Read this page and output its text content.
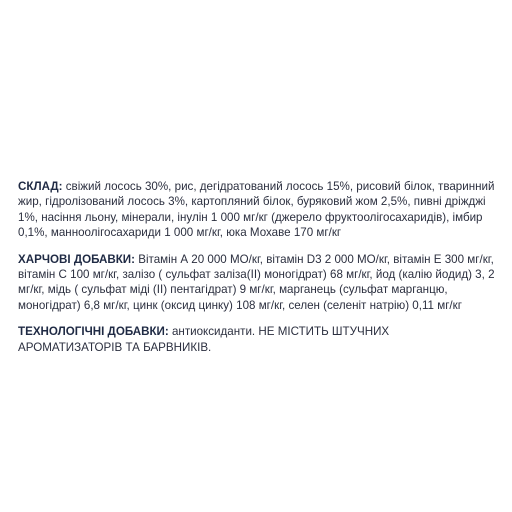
СКЛАД: свіжий лосось 30%, рис, дегідратований лосось 15%, рисовий білок, тваринний жир, гідролізований лосось 3%, картопляний білок, буряковий жом 2,5%, пивні дріжджі 1%, насіння льону, мінерали, інулін 1 000 мг/кг (джерело фруктоолігосахаридів), імбир 0,1%, манноолігосахариди 1 000 мг/кг, юка Мохаве 170 мг/кг

ХАРЧОВІ ДОБАВКИ: Вітамін А 20 000 МО/кг, вітамін D3 2 000 МО/кг, вітамін Е 300 мг/кг, вітамін С 100 мг/кг, залізо ( сульфат заліза(II) моногідрат) 68 мг/кг, йод (калію йодид) 3, 2 мг/кг, мідь ( сульфат міді (II) пентагідрат) 9 мг/кг, марганець (сульфат марганцю, моногідрат) 6,8 мг/кг, цинк (оксид цинку) 108 мг/кг, селен (селеніт натрію) 0,11 мг/кг

ТЕХНОЛОГІЧНІ ДОБАВКИ: антиоксиданти. НЕ МІСТИТЬ ШТУЧНИХ АРОМАТИЗАТОРІВ ТА БАРВНИКІВ.
